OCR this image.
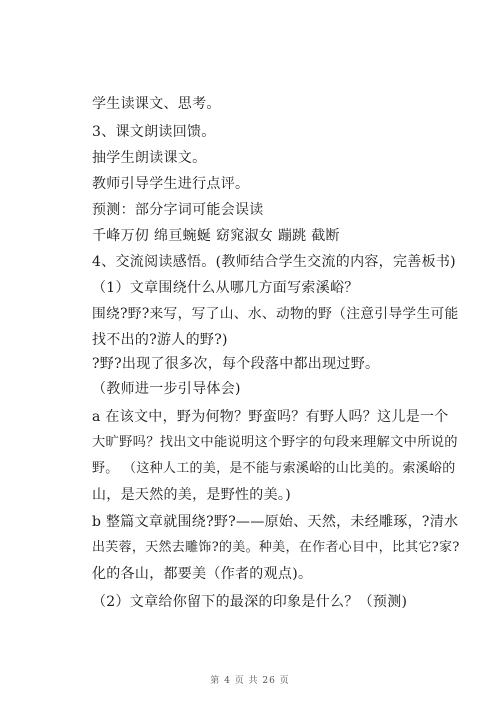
学生读课文、思考。
3、课文朗读回馈。
抽学生朗读课文。
教师引导学生进行点评。
预测：部分字词可能会误读
千峰万仞 绵亘蜿蜒 窈窕淑女 蹦跳 截断
4、交流阅读感悟。(教师结合学生交流的内容，完善板书)
（1）文章围绕什么从哪几方面写索溪峪？
围绕?野?来写，写了山、水、动物的野（注意引导学生可能
找不出的?游人的野?)
?野?出现了很多次，每个段落中都出现过野。
（教师进一步引导体会)
a 在该文中，野为何物？野蛮吗？有野人吗？这儿是一个
大旷野吗？找出文中能说明这个野字的句段来理解文中所说的
野。 （这种人工的美，是不能与索溪峪的山比美的。索溪峪的
山，是天然的美，是野性的美。)
b 整篇文章就围绕?野?——原始、天然，未经雕琢，?清水
出芙蓉，天然去雕饰?的美。种美，在作者心目中，比其它?家?
化的各山，都要美（作者的观点)。
（2）文章给你留下的最深的印象是什么？（预测)
第 4 页 共 26 页
